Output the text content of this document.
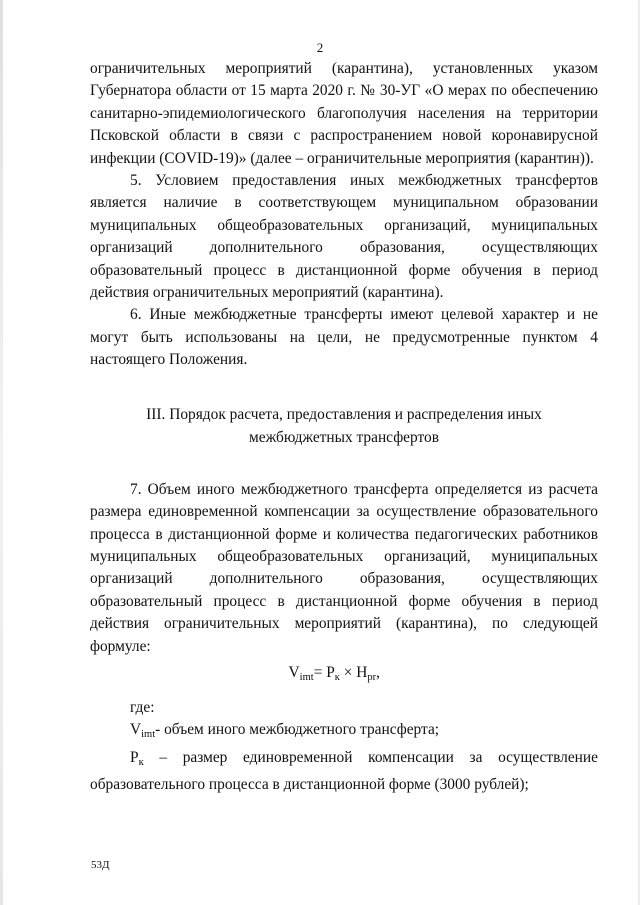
2

ограничительных мероприятий (карантина), установленных указом Губернатора области от 15 марта 2020 г. № 30-УГ «О мерах по обеспечению санитарно-эпидемиологического благополучия населения на территории Псковской области в связи с распространением новой коронавирусной инфекции (COVID-19)» (далее – ограничительные мероприятия (карантин)).

5. Условием предоставления иных межбюджетных трансфертов является наличие в соответствующем муниципальном образовании муниципальных общеобразовательных организаций, муниципальных организаций дополнительного образования, осуществляющих образовательный процесс в дистанционной форме обучения в период действия ограничительных мероприятий (карантина).

6. Иные межбюджетные трансферты имеют целевой характер и не могут быть использованы на цели, не предусмотренные пунктом 4 настоящего Положения.

III. Порядок расчета, предоставления и распределения иных
межбюджетных трансфертов

7. Объем иного межбюджетного трансферта определяется из расчета размера единовременной компенсации за осуществление образовательного процесса в дистанционной форме и количества педагогических работников муниципальных общеобразовательных организаций, муниципальных организаций дополнительного образования, осуществляющих образовательный процесс в дистанционной форме обучения в период действия ограничительных мероприятий (карантина), по следующей формуле:

$V_{imt}= P_к \times H_{pr}$,

где:

$V_{imt}-$ объем иного межбюджетного трансферта;

$P_к$ – размер единовременной компенсации за осуществление образовательного процесса в дистанционной форме (3000 рублей);

53Д
